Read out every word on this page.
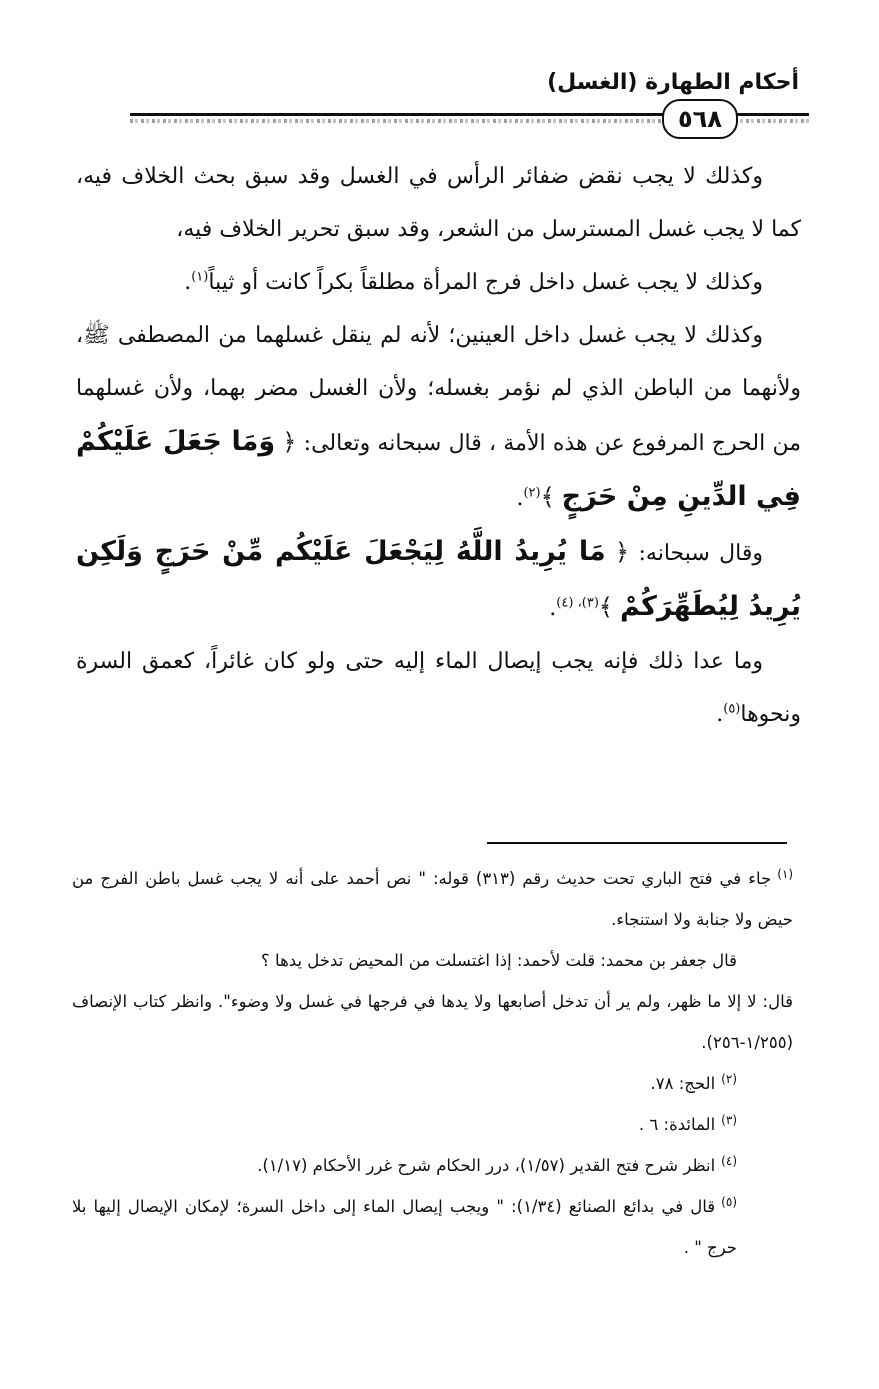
أحكام الطهارة (الغسل)
٥٦٨

وكذلك لا يجب نقض ضفائر الرأس في الغسل وقد سبق بحث الخلاف فيه، كما لا يجب غسل المسترسل من الشعر، وقد سبق تحرير الخلاف فيه،

وكذلك لا يجب غسل داخل فرج المرأة مطلقاً بكراً كانت أو ثيباً$^{(١)}$.

وكذلك لا يجب غسل داخل العينين؛ لأنه لم ينقل غسلهما من المصطفى ﷺ، ولأنهما من الباطن الذي لم نؤمر بغسله؛ ولأن الغسل مضر بهما، ولأن غسلهما من الحرج المرفوع عن هذه الأمة ، قال سبحانه وتعالى: ﴿ وَمَا جَعَلَ عَلَيْكُمْ فِي الدِّينِ مِنْ حَرَجٍ ﴾$^{(٢)}$.

وقال سبحانه: ﴿ مَا يُرِيدُ اللَّهُ لِيَجْعَلَ عَلَيْكُم مِّنْ حَرَجٍ وَلَكِن يُرِيدُ لِيُطَهِّرَكُمْ ﴾$^{(٣)، (٤)}$.

وما عدا ذلك فإنه يجب إيصال الماء إليه حتى ولو كان غائراً، كعمق السرة ونحوها$^{(٥)}$.

$^{(١)}$جاء في فتح الباري تحت حديث رقم (٣١٣) قوله: " نص أحمد على أنه لا يجب غسل باطن الفرج من حيض ولا جنابة ولا استنجاء.

قال جعفر بن محمد: قلت لأحمد: إذا اغتسلت من المحيض تدخل يدها ؟

قال: لا إلا ما ظهر، ولم ير أن تدخل أصابعها ولا يدها في فرجها في غسل ولا وضوء". وانظر كتاب الإنصاف (١/٢٥٥-٢٥٦).

$^{(٢)}$الحج: ٧٨.

$^{(٣)}$المائدة: ٦ .

$^{(٤)}$انظر شرح فتح القدير (١/٥٧)، درر الحكام شرح غرر الأحكام (١/١٧).

$^{(٥)}$قال في بدائع الصنائع (١/٣٤): " ويجب إيصال الماء إلى داخل السرة؛ لإمكان الإيصال إليها بلا حرج " .
